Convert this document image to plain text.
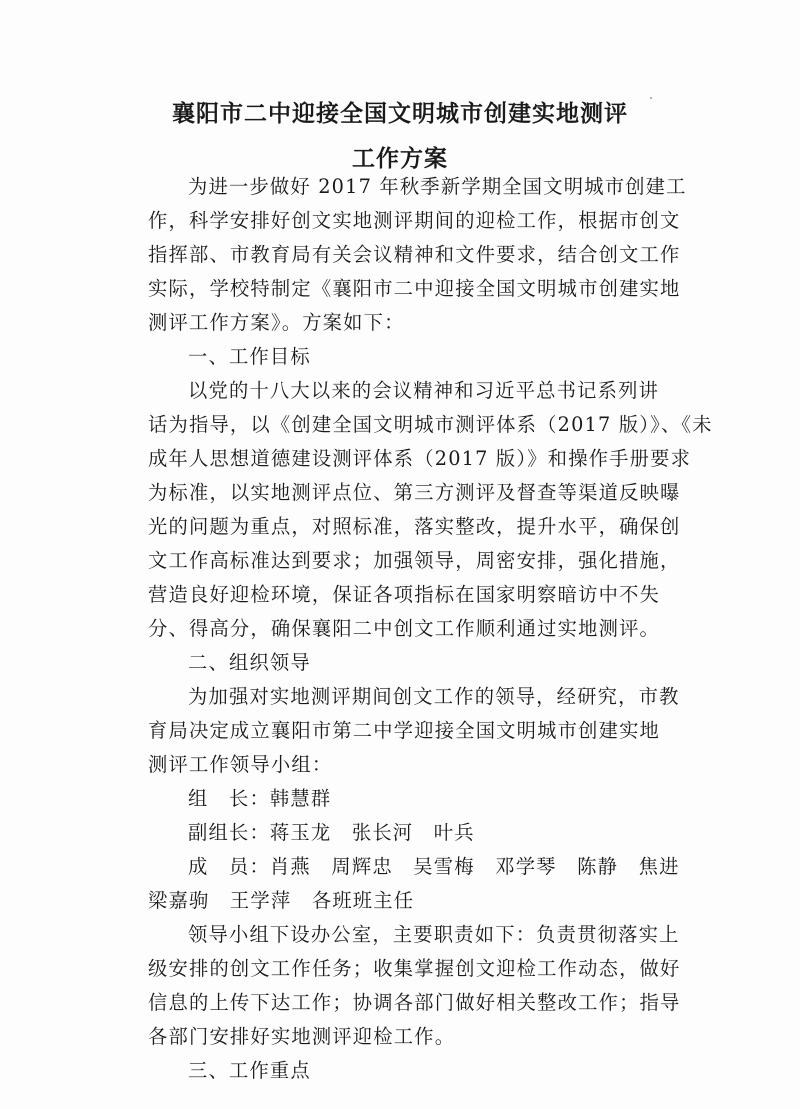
襄阳市二中迎接全国文明城市创建实地测评
工作方案
为进一步做好 2017 年秋季新学期全国文明城市创建工
作，科学安排好创文实地测评期间的迎检工作，根据市创文
指挥部、市教育局有关会议精神和文件要求，结合创文工作
实际，学校特制定《襄阳市二中迎接全国文明城市创建实地
测评工作方案》。方案如下：
一、工作目标
以党的十八大以来的会议精神和习近平总书记系列讲
话为指导，以《创建全国文明城市测评体系（2017 版）》、《未
成年人思想道德建设测评体系（2017 版）》和操作手册要求
为标准，以实地测评点位、第三方测评及督查等渠道反映曝
光的问题为重点，对照标准，落实整改，提升水平，确保创
文工作高标准达到要求；加强领导，周密安排，强化措施，
营造良好迎检环境，保证各项指标在国家明察暗访中不失
分、得高分，确保襄阳二中创文工作顺利通过实地测评。
二、组织领导
为加强对实地测评期间创文工作的领导，经研究，市教
育局决定成立襄阳市第二中学迎接全国文明城市创建实地
测评工作领导小组：
组　长：韩慧群
副组长：蒋玉龙　张长河　叶兵
成　员：肖燕　周辉忠　吴雪梅　邓学琴　陈静　焦进
梁嘉驹　王学萍　各班班主任
领导小组下设办公室，主要职责如下：负责贯彻落实上
级安排的创文工作任务；收集掌握创文迎检工作动态，做好
信息的上传下达工作；协调各部门做好相关整改工作；指导
各部门安排好实地测评迎检工作。
三、工作重点
